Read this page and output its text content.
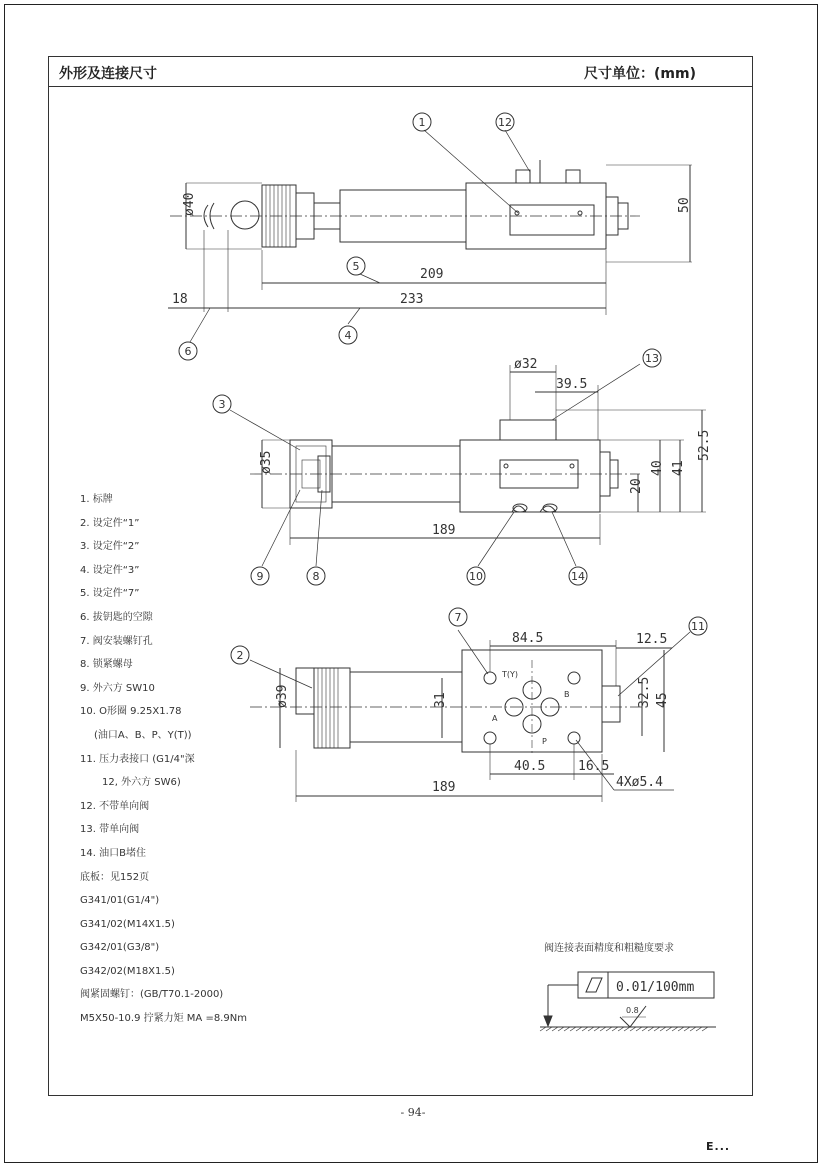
外形及连接尺寸	尺寸单位：(mm)
ø40	50
209
18	233
ø32
39.5
ø35
52.5
41
40
20
189
84.5	12.5
ø39	31	32.5 45
40.5	16.5
189	4Xø5.4
T(Y)
A
B
P
1	12
5
6
4
13
3
9	8	10	14
7
11
2
0.01/100mm
0.8
1. 标牌
2. 设定件“1”
3. 设定件“2”
4. 设定件“3”
5. 设定件“7”
6. 拔钥匙的空隙
7. 阀安装螺钉孔
8. 锁紧螺母
9. 外六方 SW10
10. O形圈 9.25X1.78
(油口A、B、P、Y(T))
11. 压力表接口 (G1/4"深
12, 外六方 SW6)
12. 不带单向阀
13. 带单向阀
14. 油口B堵住
底板：见152页
G341/01(G1/4")
G341/02(M14X1.5)
G342/01(G3/8")
G342/02(M18X1.5)
阀紧固螺钉：(GB/T70.1-2000)
M5X50-10.9 拧紧力矩 MA =8.9Nm
阀连接表面精度和粗糙度要求
- 94-
E...
